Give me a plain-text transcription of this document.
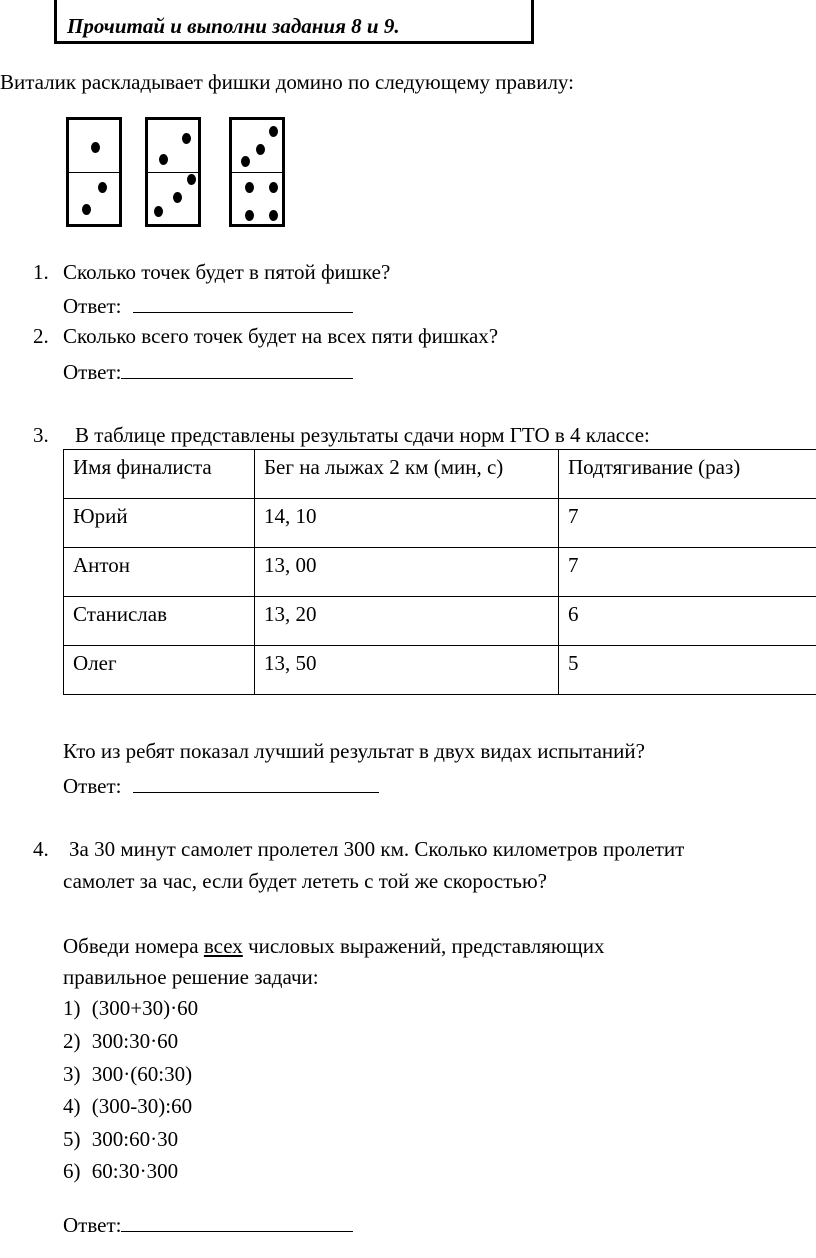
Прочитай и выполни задания 8 и 9.
Виталик раскладывает фишки домино по следующему правилу:
1. Сколько точек будет в пятой фишке?
Ответ:
2. Сколько всего точек будет на всех пяти фишках?
Ответ:
3. В таблице представлены результаты сдачи норм ГТО в 4 классе:
Имя финалиста	Бег на лыжах 2 км (мин, с)	Подтягивание (раз)
Юрий	14, 10	7
Антон	13, 00	7
Станислав	13, 20	6
Олег	13, 50	5
Кто из ребят показал лучший результат в двух видах испытаний?
Ответ:
4. За 30 минут самолет пролетел 300 км. Сколько километров пролетит
самолет за час, если будет лететь с той же скоростью?
Обведи номера всех числовых выражений, представляющих
правильное решение задачи:
1) (300+30)·60
2) 300:30·60
3) 300·(60:30)
4) (300-30):60
5) 300:60·30
6) 60:30·300
Ответ:
